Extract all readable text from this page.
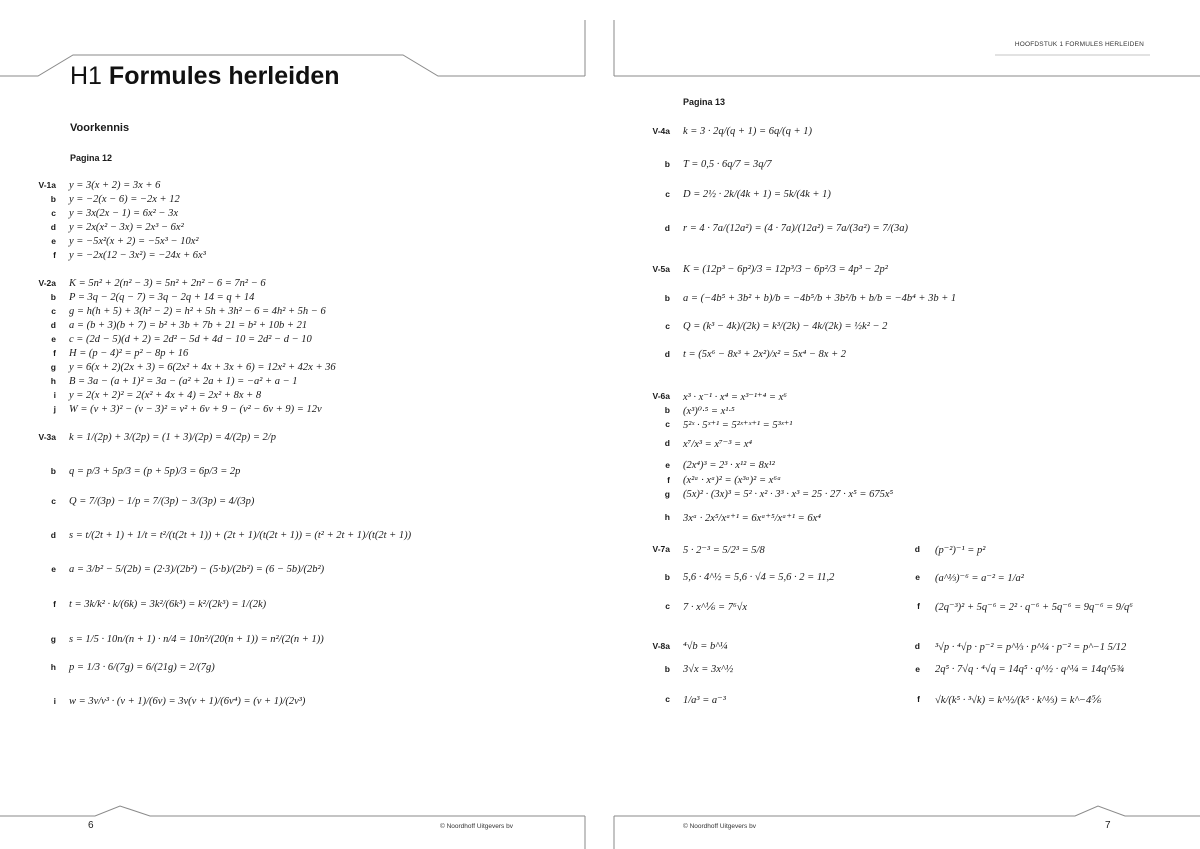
H1 Formules herleiden
Voorkennis
Pagina 12
V-1a y = 3(x + 2) = 3x + 6
b y = −2(x − 6) = −2x + 12
c y = 3x(2x − 1) = 6x² − 3x
d y = 2x(x² − 3x) = 2x³ − 6x²
e y = −5x²(x + 2) = −5x³ − 10x²
f y = −2x(12 − 3x²) = −24x + 6x³
V-2a K = 5n² + 2(n² − 3) = 5n² + 2n² − 6 = 7n² − 6
b P = 3q − 2(q − 7) = 3q − 2q + 14 = q + 14
c g = h(h + 5) + 3(h² − 2) = h² + 5h + 3h² − 6 = 4h² + 5h − 6
d a = (b + 3)(b + 7) = b² + 3b + 7b + 21 = b² + 10b + 21
e c = (2d − 5)(d + 2) = 2d² − 5d + 4d − 10 = 2d² − d − 10
f H = (p − 4)² = p² − 8p + 16
g y = 6(x + 2)(2x + 3) = 6(2x² + 4x + 3x + 6) = 12x² + 42x + 36
h B = 3a − (a + 1)² = 3a − (a² + 2a + 1) = −a² + a − 1
i y = 2(x + 2)² = 2(x² + 4x + 4) = 2x² + 8x + 8
j W = (v + 3)² − (v − 3)² = v² + 6v + 9 − (v² − 6v + 9) = 12v
V-3a k = 1/(2p) + 3/(2p) = (1 + 3)/(2p) = 4/(2p) = 2/p
b q = p/3 + 5p/3 = (p + 5p)/3 = 6p/3 = 2p
c Q = 7/(3p) − 1/p = 7/(3p) − 3/(3p) = 4/(3p)
d s = t/(2t + 1) + 1/t = t²/(t(2t + 1)) + (2t + 1)/(t(2t + 1)) = (t² + 2t + 1)/(t(2t + 1))
e a = 3/b² − 5/(2b) = (2·3)/(2b²) − (5·b)/(2b²) = (6 − 5b)/(2b²)
f t = 3k/k² · k/(6k) = 3k²/(6k³) = k²/(2k³) = 1/(2k)
g s = 1/5 · 10n/(n + 1) · n/4 = 10n²/(20(n + 1)) = n²/(2(n + 1))
h p = 1/3 · 6/(7g) = 6/(21g) = 2/(7g)
i w = 3v/v³ · (v + 1)/(6v) = 3v(v + 1)/(6v⁴) = (v + 1)/(2v³)
6	© Noordhoff Uitgevers bv
HOOFDSTUK 1 FORMULES HERLEIDEN
Pagina 13
V-4a k = 3 · 2q/(q + 1) = 6q/(q + 1)
b T = 0,5 · 6q/7 = 3q/7
c D = 2½ · 2k/(4k + 1) = 5k/(4k + 1)
d r = 4 · 7a/(12a²) = (4 · 7a)/(12a²) = 7a/(3a²) = 7/(3a)
V-5a K = (12p³ − 6p²)/3 = 12p³/3 − 6p²/3 = 4p³ − 2p²
b a = (−4b⁵ + 3b² + b)/b = −4b⁵/b + 3b²/b + b/b = −4b⁴ + 3b + 1
c Q = (k³ − 4k)/(2k) = k³/(2k) − 4k/(2k) = ½k² − 2
d t = (5x⁶ − 8x³ + 2x²)/x² = 5x⁴ − 8x + 2
V-6a x³ · x⁻¹ · x⁴ = x³⁻¹⁺⁴ = x⁶
b (x³)⁰·⁵ = x¹·⁵
c 5²ˣ · 5ˣ⁺¹ = 5²ˣ⁺ˣ⁺¹ = 5³ˣ⁺¹
d x⁷/x³ = x⁷⁻³ = x⁴
e (2x⁴)³ = 2³ · x¹² = 8x¹²
f (x²ᵃ · xᵃ)² = (x³ᵃ)² = x⁶ᵃ
g (5x)² · (3x)³ = 5² · x² · 3³ · x³ = 25 · 27 · x⁵ = 675x⁵
h 3xᵃ · 2x⁵/xᵃ⁺¹ = 6xᵃ⁺⁵/xᵃ⁺¹ = 6x⁴
V-7a 5 · 2⁻³ = 5/2³ = 5/8
b 5,6 · 4^½ = 5,6 · √4 = 5,6 · 2 = 11,2
c 7 · x^⅙ = 7⁶√x
V-8a ⁴√b = b^¼
b 3√x = 3x^½
c 1/a³ = a⁻³
d (p⁻²)⁻¹ = p²
e (a^⅓)⁻⁶ = a⁻² = 1/a²
f (2q⁻³)² + 5q⁻⁶ = 2² · q⁻⁶ + 5q⁻⁶ = 9q⁻⁶ = 9/q⁶
d ³√p · ⁴√p · p⁻² = p^⅓ · p^¼ · p⁻² = p^−1 5/12
e 2q⁵ · 7√q · ⁴√q = 14q⁵ · q^½ · q^¼ = 14q^5¾
f √k/(k⁵ · ³√k) = k^½/(k⁵ · k^⅓) = k^−4⅚
© Noordhoff Uitgevers bv	7
